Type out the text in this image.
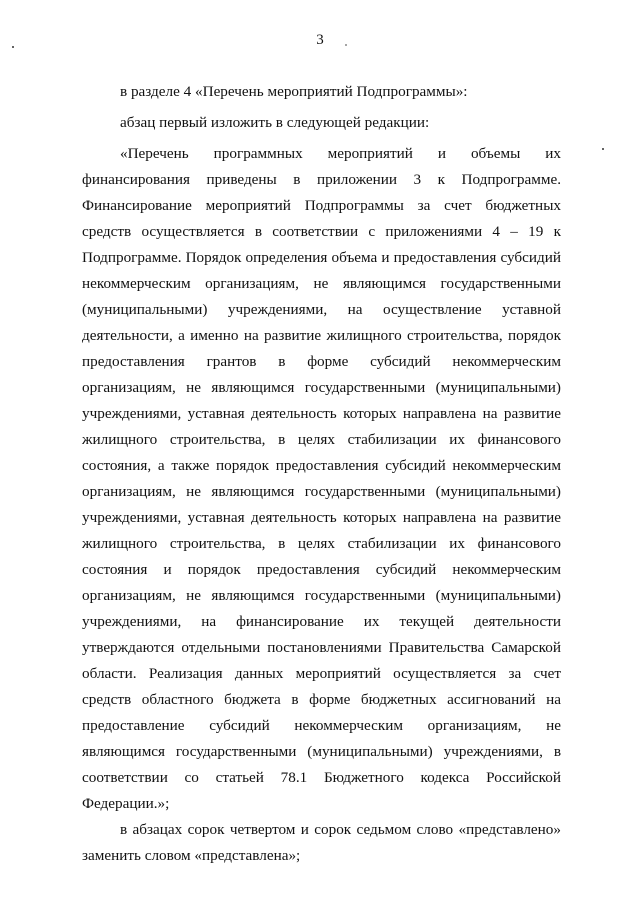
3

в разделе 4 «Перечень мероприятий Подпрограммы»:

абзац первый изложить в следующей редакции:

«Перечень программных мероприятий и объемы их финансирования приведены в приложении 3 к Подпрограмме. Финансирование мероприятий Подпрограммы за счет бюджетных средств осуществляется в соответствии с приложениями 4 – 19 к Подпрограмме. Порядок определения объема и предоставления субсидий некоммерческим организациям, не являющимся государственными (муниципальными) учреждениями, на осуществление уставной деятельности, а именно на развитие жилищного строительства, порядок предоставления грантов в форме субсидий некоммерческим организациям, не являющимся государственными (муниципальными) учреждениями, уставная деятельность которых направлена на развитие жилищного строительства, в целях стабилизации их финансового состояния, а также порядок предоставления субсидий некоммерческим организациям, не являющимся государственными (муниципальными) учреждениями, уставная деятельность которых направлена на развитие жилищного строительства, в целях стабилизации их финансового состояния и порядок предоставления субсидий некоммерческим организациям, не являющимся государственными (муниципальными) учреждениями, на финансирование их текущей деятельности утверждаются отдельными постановлениями Правительства Самарской области. Реализация данных мероприятий осуществляется за счет средств областного бюджета в форме бюджетных ассигнований на предоставление субсидий некоммерческим организациям, не являющимся государственными (муниципальными) учреждениями, в соответствии со статьей 78.1 Бюджетного кодекса Российской Федерации.»;

в абзацах сорок четвертом и сорок седьмом слово «представлено» заменить словом «представлена»;
